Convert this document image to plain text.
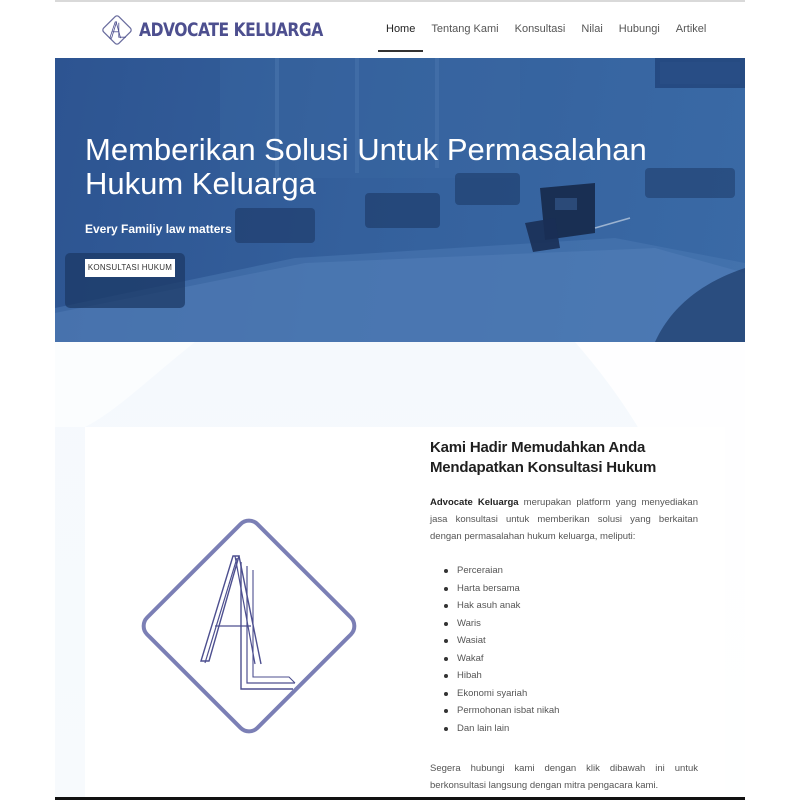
ADVOCATE KELUARGA	Home	Tentang Kami	Konsultasi	Nilai	Hubungi	Artikel
Memberikan Solusi Untuk Permasalahan Hukum Keluarga
Every Familiy law matters
KONSULTASI HUKUM
Kami Hadir Memudahkan Anda Mendapatkan Konsultasi Hukum

Advocate Keluarga merupakan platform yang menyediakan jasa konsultasi untuk memberikan solusi yang berkaitan dengan permasalahan hukum keluarga, meliputi:

Perceraian
Harta bersama
Hak asuh anak
Waris
Wasiat
Wakaf
Hibah
Ekonomi syariah
Permohonan isbat nikah
Dan lain lain

Segera hubungi kami dengan klik dibawah ini untuk berkonsultasi langsung dengan mitra pengacara kami.
